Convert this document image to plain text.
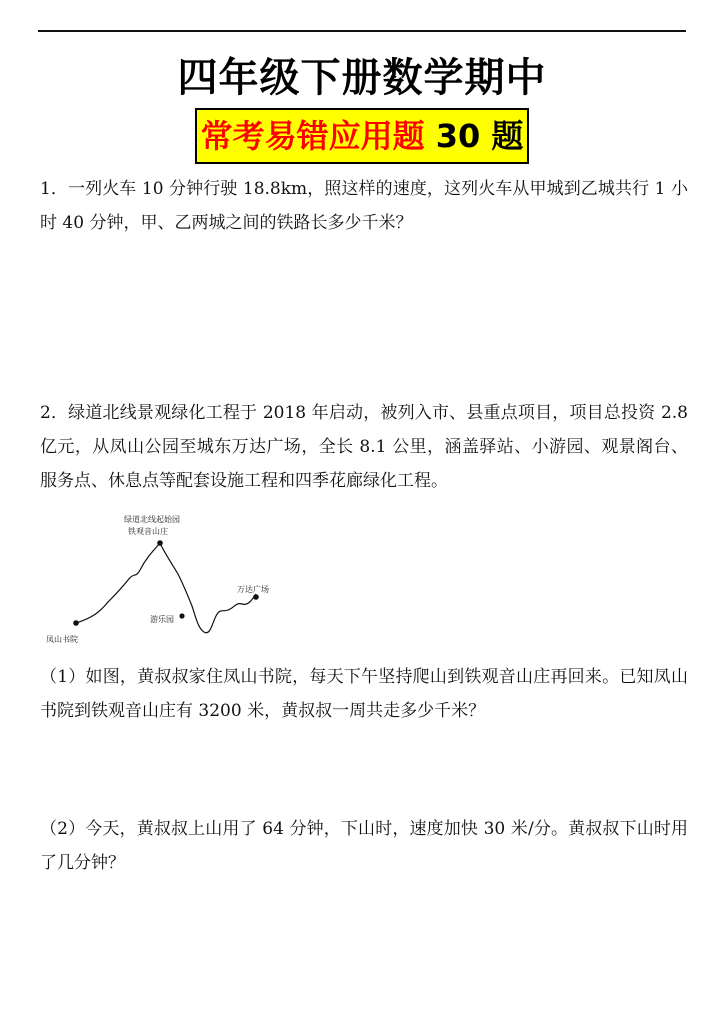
四年级下册数学期中
常考易错应用题 30 题

1．一列火车 10 分钟行驶 18.8km，照这样的速度，这列火车从甲城到乙城共行 1 小时 40 分钟，甲、乙两城之间的铁路长多少千米？

2．绿道北线景观绿化工程于 2018 年启动，被列入市、县重点项目，项目总投资 2.8 亿元，从凤山公园至城东万达广场，全长 8.1 公里，涵盖驿站、小游园、观景阁台、服务点、休息点等配套设施工程和四季花廊绿化工程。

绿道北线起始园
铁观音山庄
万达广场
游乐园
凤山书院

（1）如图，黄叔叔家住凤山书院，每天下午坚持爬山到铁观音山庄再回来。已知凤山书院到铁观音山庄有 3200 米，黄叔叔一周共走多少千米？

（2）今天，黄叔叔上山用了 64 分钟，下山时，速度加快 30 米/分。黄叔叔下山时用了几分钟？
